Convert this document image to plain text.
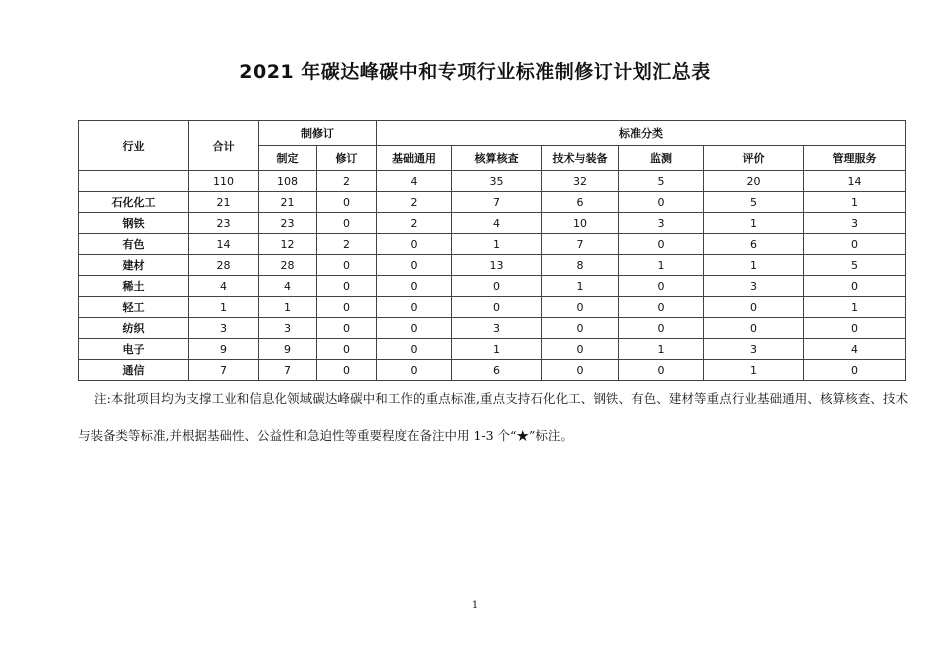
2021 年碳达峰碳中和专项行业标准制修订计划汇总表
行业	合计	制修订		标准分类					
		制定	修订	基础通用	核算核查	技术与装备	监测	评价	管理服务
	110	108	2	4	35	32	5	20	14
石化化工	21	21	0	2	7	6	0	5	1
钢铁	23	23	0	2	4	10	3	1	3
有色	14	12	2	0	1	7	0	6	0
建材	28	28	0	0	13	8	1	1	5
稀土	4	4	0	0	0	1	0	3	0
轻工	1	1	0	0	0	0	0	0	1
纺织	3	3	0	0	3	0	0	0	0
电子	9	9	0	0	1	0	1	3	4
通信	7	7	0	0	6	0	0	1	0
注:本批项目均为支撑工业和信息化领域碳达峰碳中和工作的重点标准,重点支持石化化工、钢铁、有色、建材等重点行业基础通用、核算核查、技术与装备类等标准,并根据基础性、公益性和急迫性等重要程度在备注中用 1-3 个“★”标注。
1
